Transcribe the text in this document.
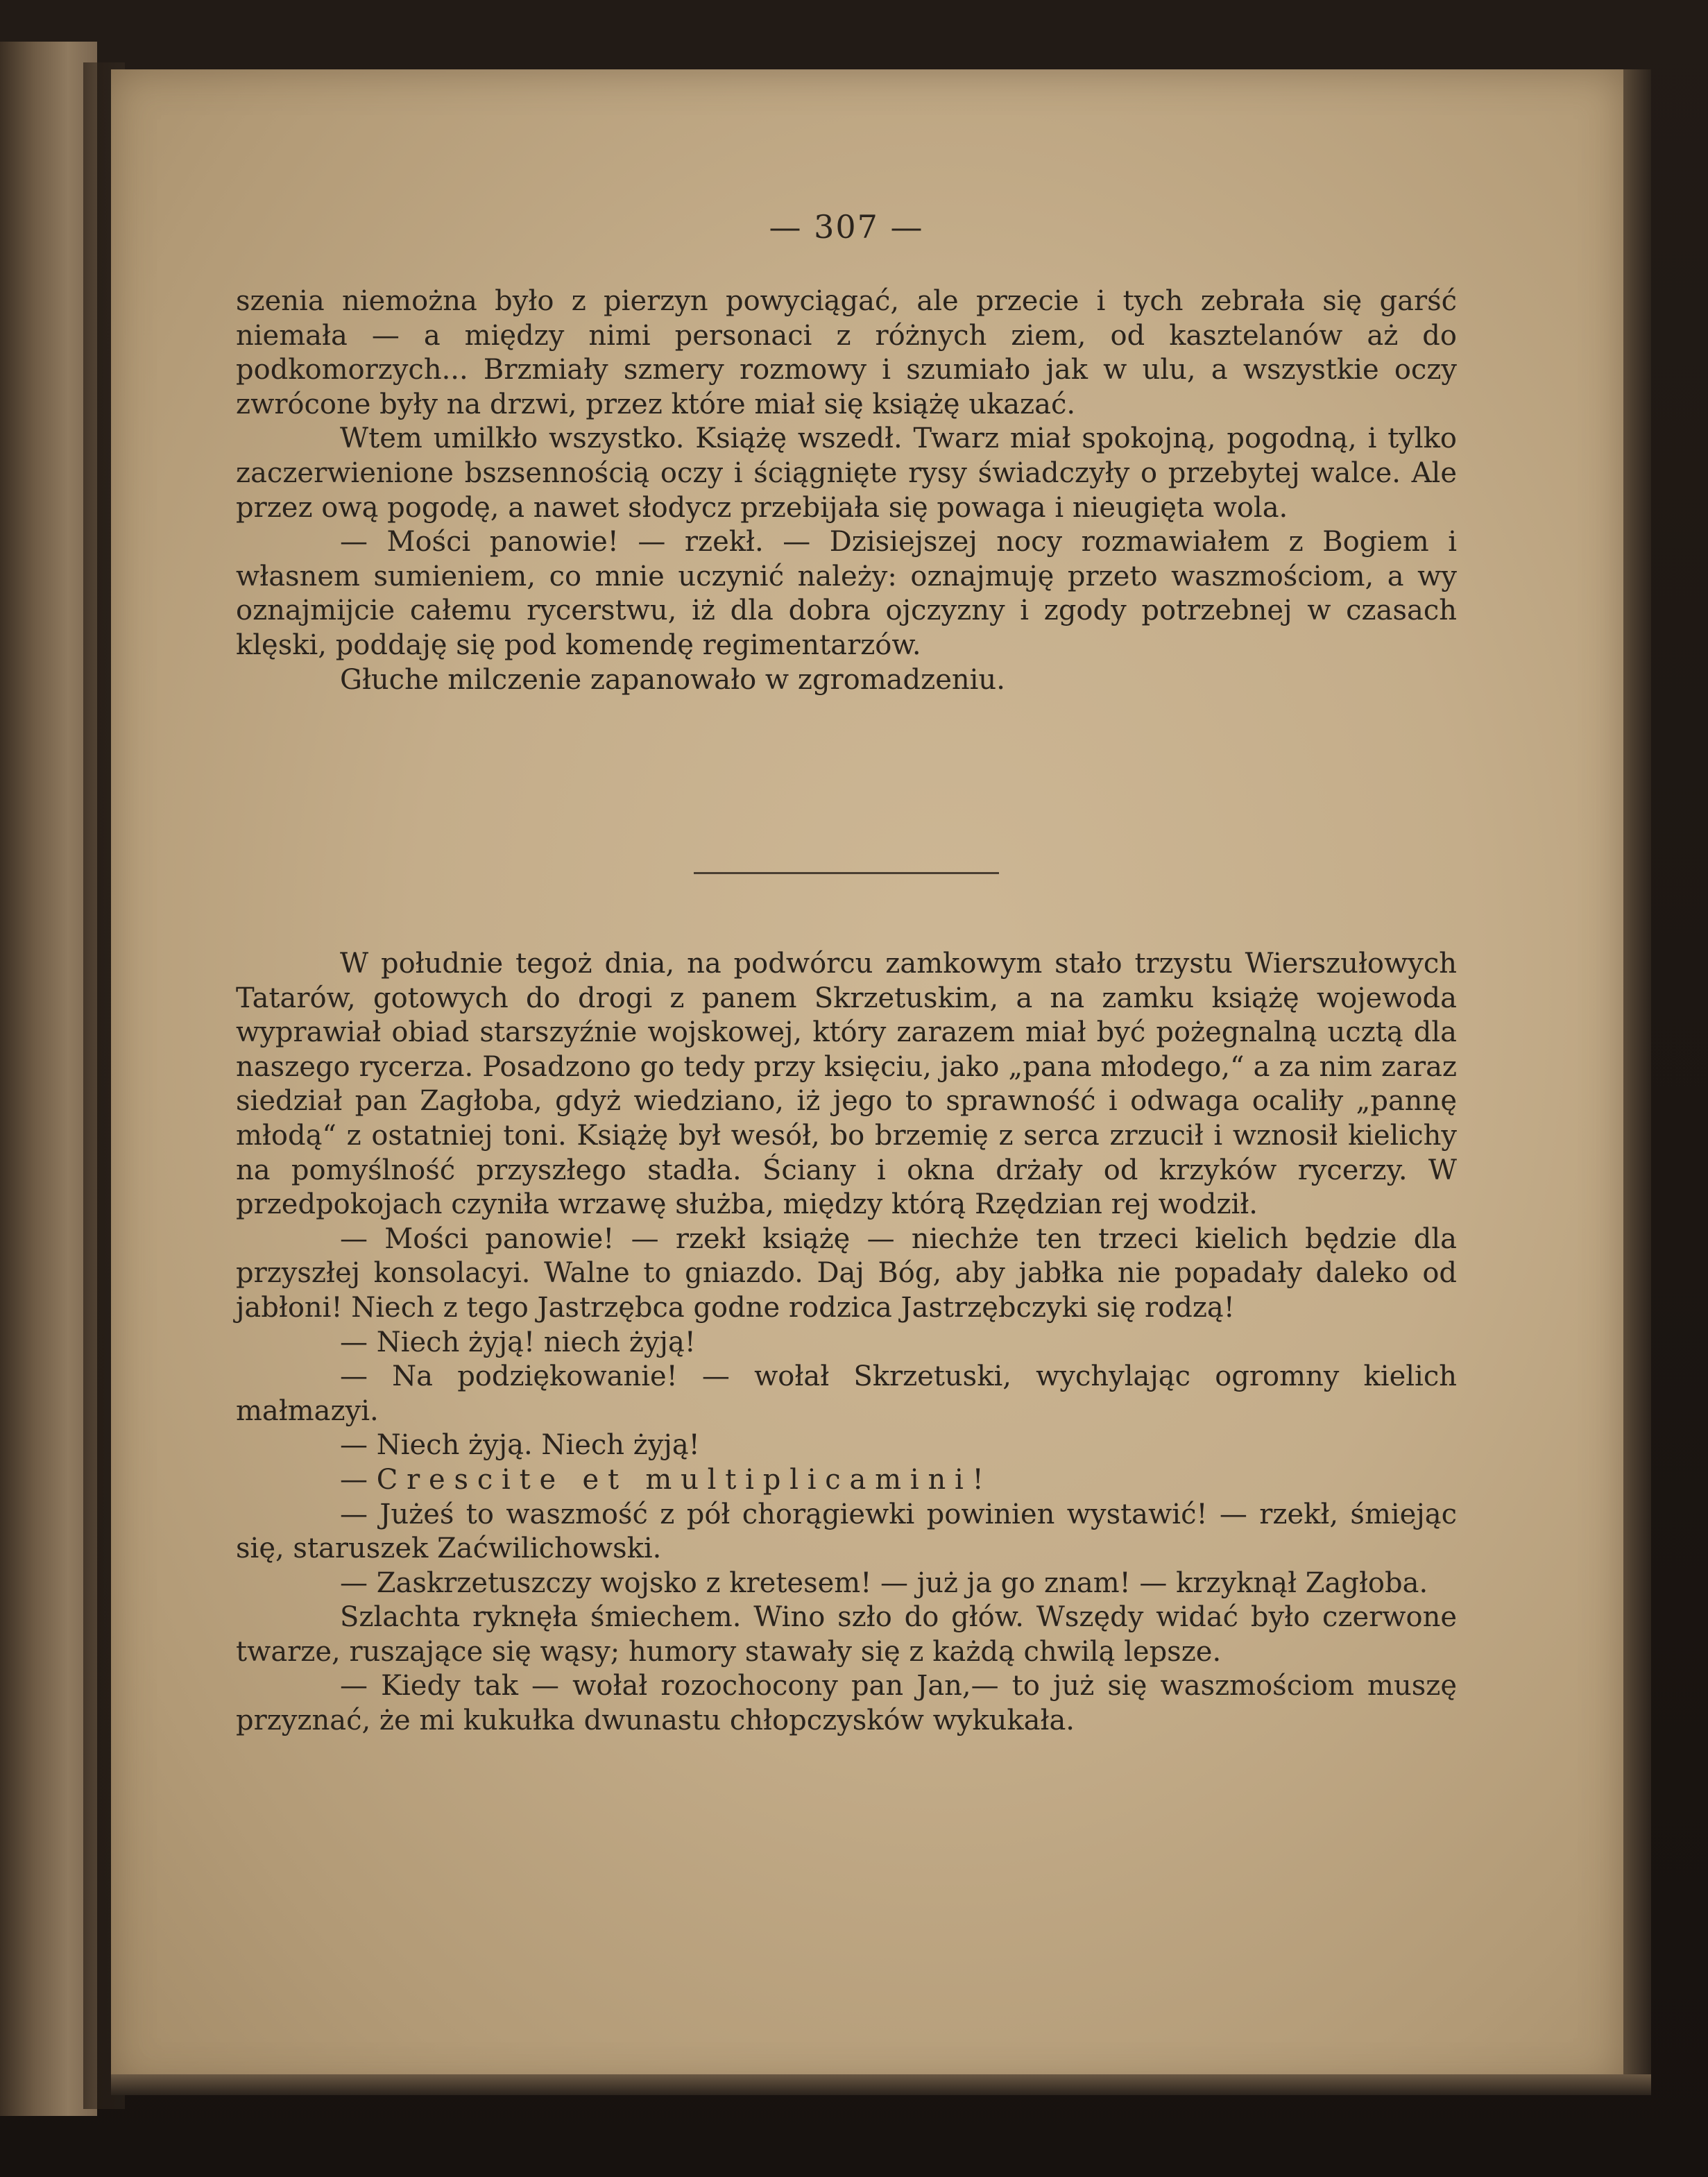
— 307 —

szenia niemożna było z pierzyn powyciągać, ale przecie i tych zebrała się garść niemała — a między nimi personaci z różnych ziem, od kasztelanów aż do podkomorzych... Brzmiały szmery rozmowy i szumiało jak w ulu, a wszystkie oczy zwrócone były na drzwi, przez które miał się książę ukazać.

Wtem umilkło wszystko. Książę wszedł. Twarz miał spokojną, pogodną, i tylko zaczerwienione bszsennością oczy i ściągnięte rysy świadczyły o przebytej walce. Ale przez ową pogodę, a nawet słodycz przebijała się powaga i nieugięta wola.

— Mości panowie! — rzekł. — Dzisiejszej nocy rozmawiałem z Bogiem i własnem sumieniem, co mnie uczynić należy: oznajmuję przeto waszmościom, a wy oznajmijcie całemu rycerstwu, iż dla dobra ojczyzny i zgody potrzebnej w czasach klęski, poddaję się pod komendę regimentarzów.

Głuche milczenie zapanowało w zgromadzeniu.

W południe tegoż dnia, na podwórcu zamkowym stało trzystu Wierszułowych Tatarów, gotowych do drogi z panem Skrzetuskim, a na zamku książę wojewoda wyprawiał obiad starszyźnie wojskowej, który zarazem miał być pożegnalną ucztą dla naszego rycerza. Posadzono go tedy przy księciu, jako „pana młodego,“ a za nim zaraz siedział pan Zagłoba, gdyż wiedziano, iż jego to sprawność i odwaga ocaliły „pannę młodą“ z ostatniej toni. Książę był wesół, bo brzemię z serca zrzucił i wznosił kielichy na pomyślność przyszłego stadła. Ściany i okna drżały od krzyków rycerzy. W przedpokojach czyniła wrzawę służba, między którą Rzędzian rej wodził.

— Mości panowie! — rzekł książę — niechże ten trzeci kielich będzie dla przyszłej konsolacyi. Walne to gniazdo. Daj Bóg, aby jabłka nie popadały daleko od jabłoni! Niech z tego Jastrzębca godne rodzica Jastrzębczyki się rodzą!

— Niech żyją! niech żyją!

— Na podziękowanie! — wołał Skrzetuski, wychylając ogromny kielich małmazyi.

— Niech żyją. Niech żyją!

— Crescite et multiplicamini!

— Jużeś to waszmość z pół chorągiewki powinien wystawić! — rzekł, śmiejąc się, staruszek Zaćwilichowski.

— Zaskrzetuszczy wojsko z kretesem! — już ja go znam! — krzyknął Zagłoba.

Szlachta ryknęła śmiechem. Wino szło do głów. Wszędy widać było czerwone twarze, ruszające się wąsy; humory stawały się z każdą chwilą lepsze.

— Kiedy tak — wołał rozochocony pan Jan,— to już się waszmościom muszę przyznać, że mi kukułka dwunastu chłopczysków wykukała.
